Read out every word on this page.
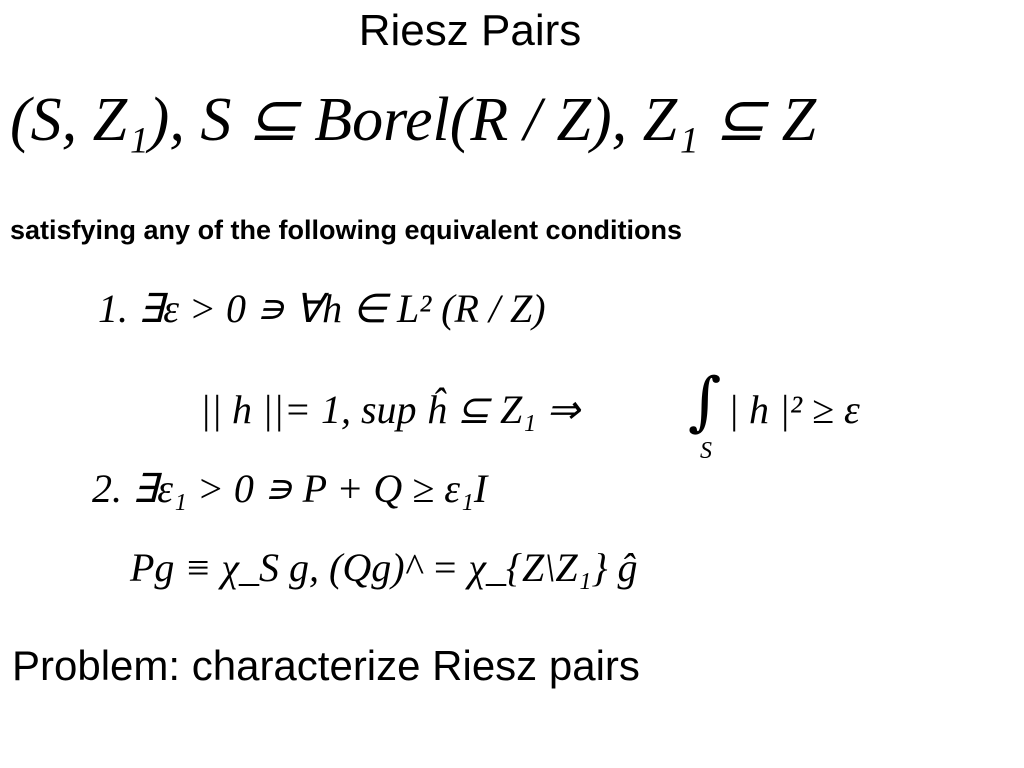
Riesz Pairs
(S, Z₁), S ⊆ Borel(R / Z), Z₁ ⊆ Z
satisfying any of the following equivalent conditions
1. ∃ε > 0 ∍ ∀h ∈ L² (R / Z)
|| h ||= 1, sup ĥ ⊆ Z₁ ⇒ ∫
S
| h |² ≥ ε
2. ∃ε₁ > 0 ∍ P + Q ≥ ε₁I
Pg ≡ χ_S g, (Qg)^ = χ_{Z\Z₁} ĝ
Problem: characterize Riesz pairs
